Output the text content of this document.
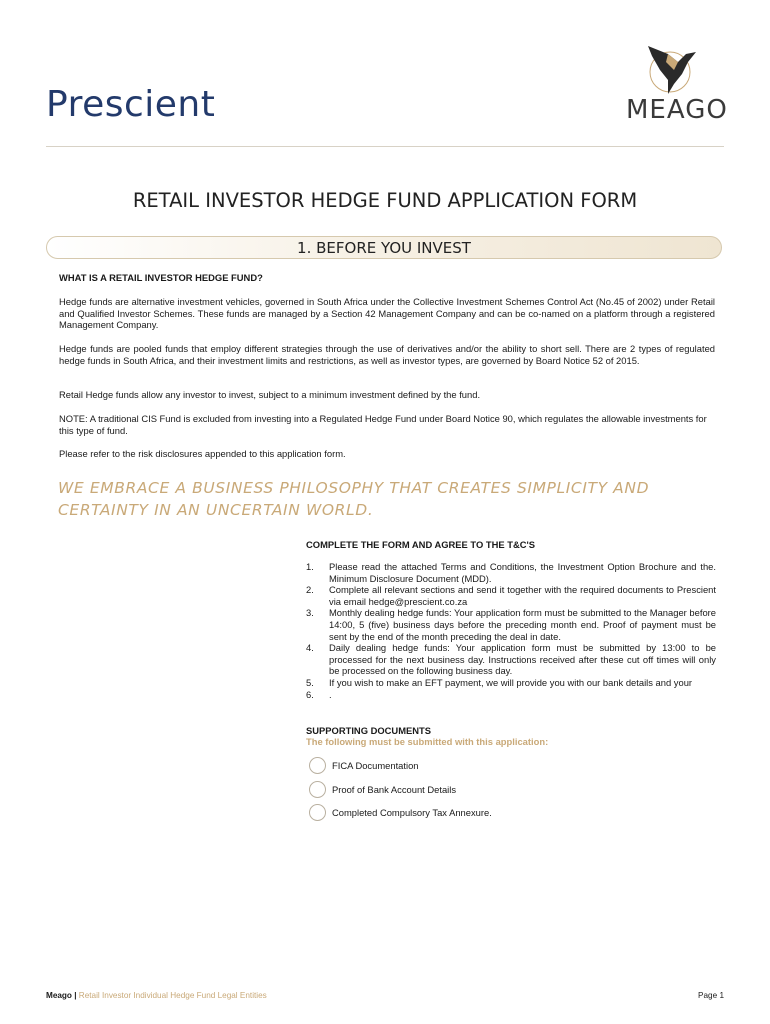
Prescient	MEAGO
RETAIL INVESTOR HEDGE FUND APPLICATION FORM
1. BEFORE YOU INVEST
WHAT IS A RETAIL INVESTOR HEDGE FUND?
Hedge funds are alternative investment vehicles, governed in South Africa under the Collective Investment Schemes Control Act (No.45 of 2002) under Retail and Qualified Investor Schemes. These funds are managed by a Section 42 Management Company and can be co-named on a platform through a registered Management Company.
Hedge funds are pooled funds that employ different strategies through the use of derivatives and/or the ability to short sell. There are 2 types of regulated hedge funds in South Africa, and their investment limits and restrictions, as well as investor types, are governed by Board Notice 52 of 2015.
Retail Hedge funds allow any investor to invest, subject to a minimum investment defined by the fund.
NOTE: A traditional CIS Fund is excluded from investing into a Regulated Hedge Fund under Board Notice 90, which regulates the allowable investments for this type of fund.
Please refer to the risk disclosures appended to this application form.
WE EMBRACE A BUSINESS PHILOSOPHY THAT CREATES SIMPLICITY AND CERTAINTY IN AN UNCERTAIN WORLD.
COMPLETE THE FORM AND AGREE TO THE T&C'S
1.	Please read the attached Terms and Conditions, the Investment Option Brochure and the. Minimum Disclosure Document (MDD).
2.	Complete all relevant sections and send it together with the required documents to Prescient via email hedge@prescient.co.za
3.	Monthly dealing hedge funds: Your application form must be submitted to the Manager before 14:00, 5 (five) business days before the preceding month end. Proof of payment must be sent by the end of the month preceding the deal in date.
4.	Daily dealing hedge funds: Your application form must be submitted by 13:00 to be processed for the next business day. Instructions received after these cut off times will only be processed on the following business day.
5.	If you wish to make an EFT payment, we will provide you with our bank details and your
6.	.
SUPPORTING DOCUMENTS
The following must be submitted with this application:
FICA Documentation
Proof of Bank Account Details
Completed Compulsory Tax Annexure.
Meago | Retail Investor Individual Hedge Fund Legal Entities	Page 1
